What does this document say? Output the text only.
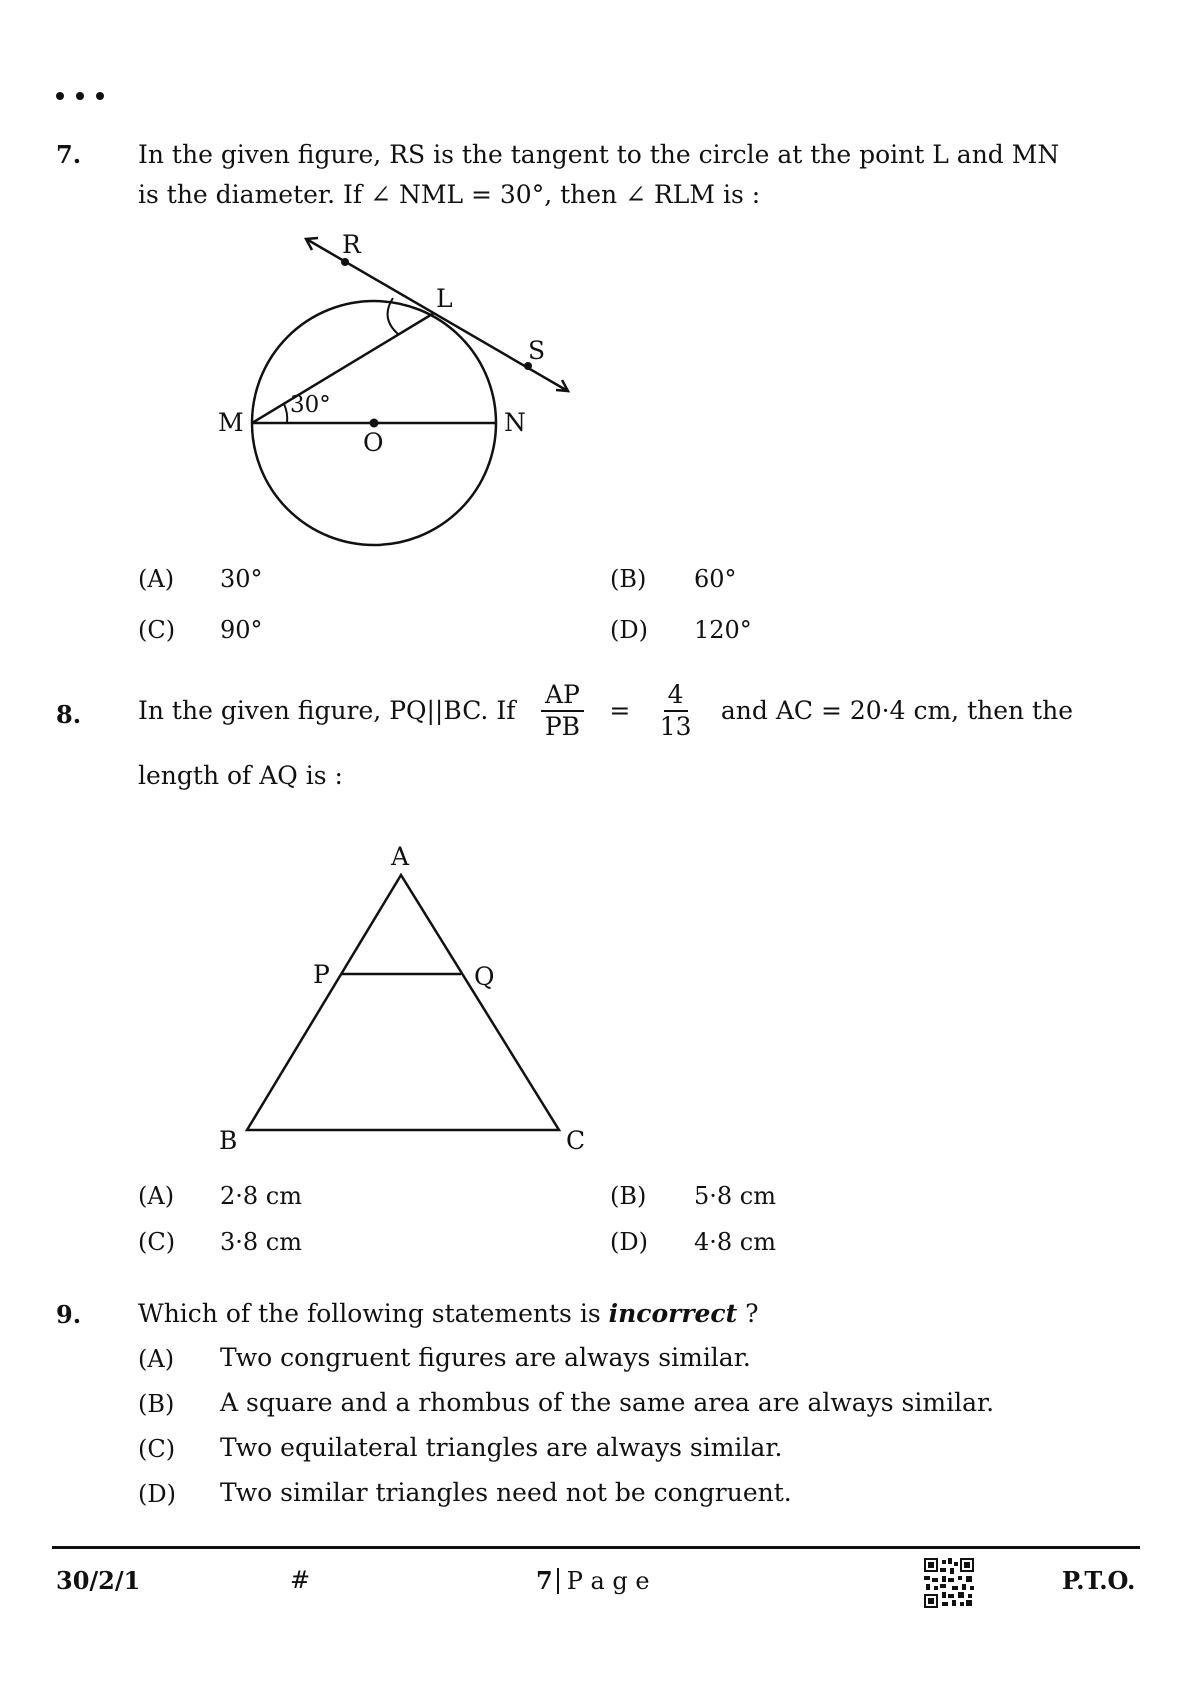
7. In the given figure, RS is the tangent to the circle at the point L and MN
is the diameter. If ∠ NML = 30°, then ∠ RLM is :
R
L
S
M	N
O
30°
(A) 30°	(B) 60°
(C) 90°	(D) 120°
8. In the given figure, PQ||BC. If $\frac{AP}{PB} = \frac{4}{13}$ and AC = 20·4 cm, then the
length of AQ is :
A
P	Q
B	C
(A) 2·8 cm	(B) 5·8 cm
(C) 3·8 cm	(D) 4·8 cm
9. Which of the following statements is incorrect ?
(A) Two congruent figures are always similar.
(B) A square and a rhombus of the same area are always similar.
(C) Two equilateral triangles are always similar.
(D) Two similar triangles need not be congruent.
30/2/1	#	7 P a g e	P.T.O.
